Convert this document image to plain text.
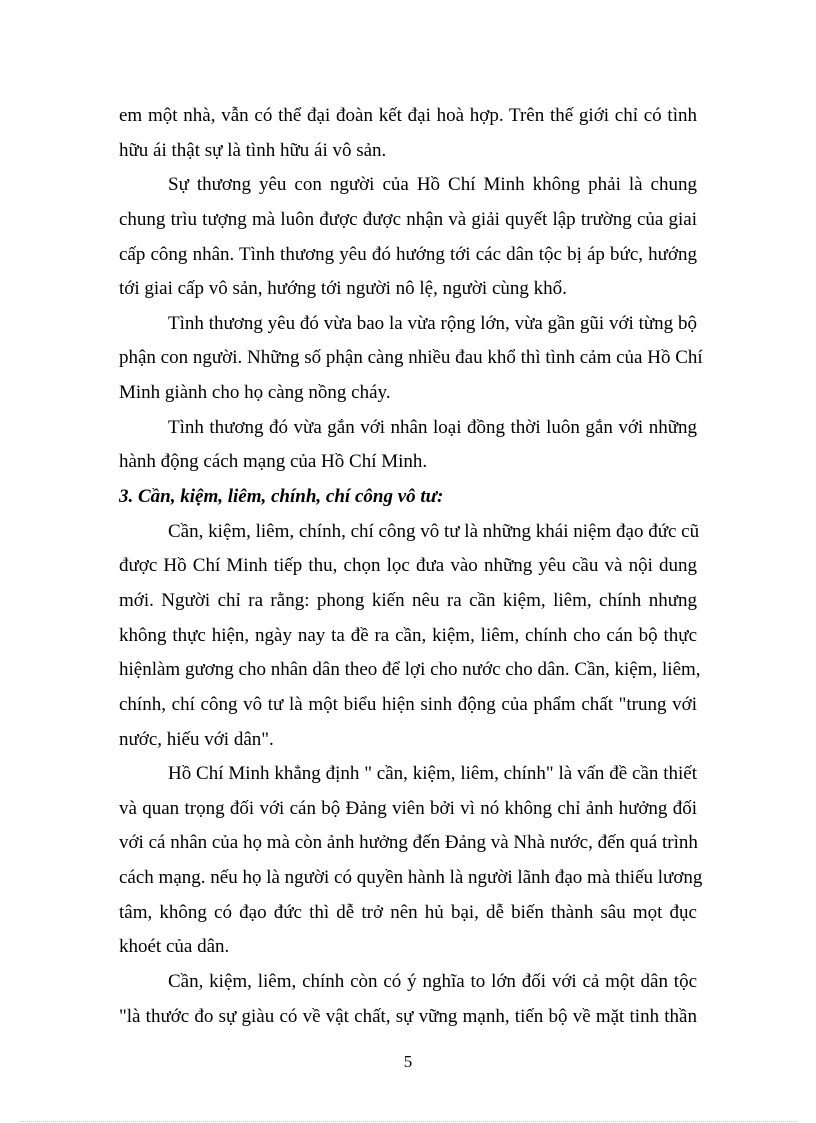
em một nhà, vẫn có thể đại đoàn kết đại hoà hợp. Trên thế giới chỉ có tình
hữu ái thật sự là tình hữu ái vô sản.
Sự thương yêu con người của Hồ Chí Minh không phải là chung
chung trìu tượng mà luôn được được nhận và giải quyết lập trường của giai
cấp công nhân. Tình thương yêu đó hướng tới các dân tộc bị áp bức, hướng
tới giai cấp vô sản, hướng tới người nô lệ, người cùng khổ.
Tình thương yêu đó vừa bao la vừa rộng lớn, vừa gần gũi với từng bộ
phận con người. Những số phận càng nhiều đau khổ thì tình cảm của Hồ Chí
Minh giành cho họ càng nồng cháy.
Tình thương đó vừa gắn với nhân loại đồng thời luôn gắn với những
hành động cách mạng của Hồ Chí Minh.
3. Cần, kiệm, liêm, chính, chí công vô tư:
Cần, kiệm, liêm, chính, chí công vô tư là những khái niệm đạo đức cũ
được Hồ Chí Minh tiếp thu, chọn lọc đưa vào những yêu cầu và nội dung
mới. Người chỉ ra rằng: phong kiến nêu ra cần kiệm, liêm, chính nhưng
không thực hiện, ngày nay ta đề ra cần, kiệm, liêm, chính cho cán bộ thực
hiệnlàm gương cho nhân dân theo để lợi cho nước cho dân. Cần, kiệm, liêm,
chính, chí công vô tư là một biểu hiện sinh động của phẩm chất "trung với
nước, hiếu với dân".
Hồ Chí Minh khẳng định " cần, kiệm, liêm, chính" là vấn đề cần thiết
và quan trọng đối với cán bộ Đảng viên bởi vì nó không chỉ ảnh hưởng đối
với cá nhân của họ mà còn ảnh hưởng đến Đảng và Nhà nước, đến quá trình
cách mạng. nếu họ là người có quyền hành là người lãnh đạo mà thiếu lương
tâm, không có đạo đức thì dễ trở nên hủ bại, dễ biến thành sâu mọt đục
khoét của dân.
Cần, kiệm, liêm, chính còn có ý nghĩa to lớn đối với cả một dân tộc
"là thước đo sự giàu có về vật chất, sự vững mạnh, tiến bộ về mặt tinh thần
5
